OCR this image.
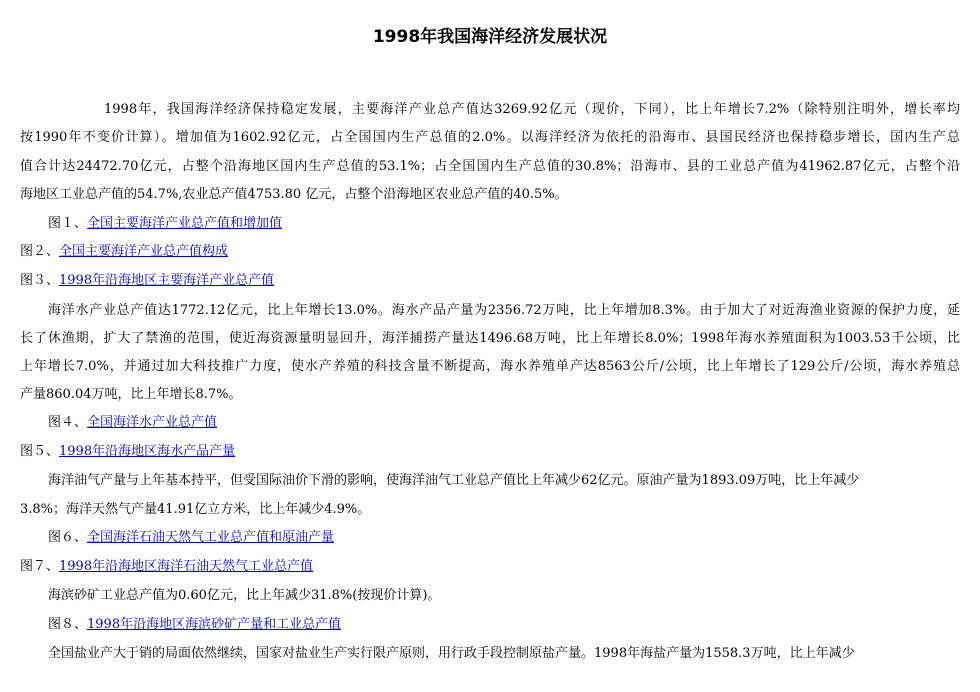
1998年我国海洋经济发展状况
1998年，我国海洋经济保持稳定发展，主要海洋产业总产值达3269.92亿元（现价，下同），比上年增长7.2%（除特别注明外，增长率均
按1990年不变价计算）。增加值为1602.92亿元，占全国国内生产总值的2.0%。以海洋经济为依托的沿海市、县国民经济也保持稳步增长，国内生产总
值合计达24472.70亿元，占整个沿海地区国内生产总值的53.1%；占全国国内生产总值的30.8%；沿海市、县的工业总产值为41962.87亿元，占整个沿
海地区工业总产值的54.7%,农业总产值4753.80 亿元，占整个沿海地区农业总产值的40.5%。
图１、全国主要海洋产业总产值和增加值
图２、全国主要海洋产业总产值构成
图３、1998年沿海地区主要海洋产业总产值
海洋水产业总产值达1772.12亿元，比上年增长13.0%。海水产品产量为2356.72万吨，比上年增加8.3%。由于加大了对近海渔业资源的保护力度，延
长了休渔期，扩大了禁渔的范围，使近海资源量明显回升，海洋捕捞产量达1496.68万吨，比上年增长8.0%；1998年海水养殖面积为1003.53千公顷，比
上年增长7.0%，并通过加大科技推广力度，使水产养殖的科技含量不断提高，海水养殖单产达8563公斤/公顷，比上年增长了129公斤/公顷，海水养殖总
产量860.04万吨，比上年增长8.7%。
图４、全国海洋水产业总产值
图５、1998年沿海地区海水产品产量
海洋油气产量与上年基本持平，但受国际油价下滑的影响，使海洋油气工业总产值比上年减少62亿元。原油产量为1893.09万吨，比上年减少
3.8%；海洋天然气产量41.91亿立方米，比上年减少4.9%。
图６、全国海洋石油天然气工业总产值和原油产量
图７、1998年沿海地区海洋石油天然气工业总产值
海滨砂矿工业总产值为0.60亿元，比上年减少31.8%(按现价计算)。
图８、1998年沿海地区海滨砂矿产量和工业总产值
全国盐业产大于销的局面依然继续，国家对盐业生产实行限产原则，用行政手段控制原盐产量。1998年海盐产量为1558.3万吨，比上年减少
